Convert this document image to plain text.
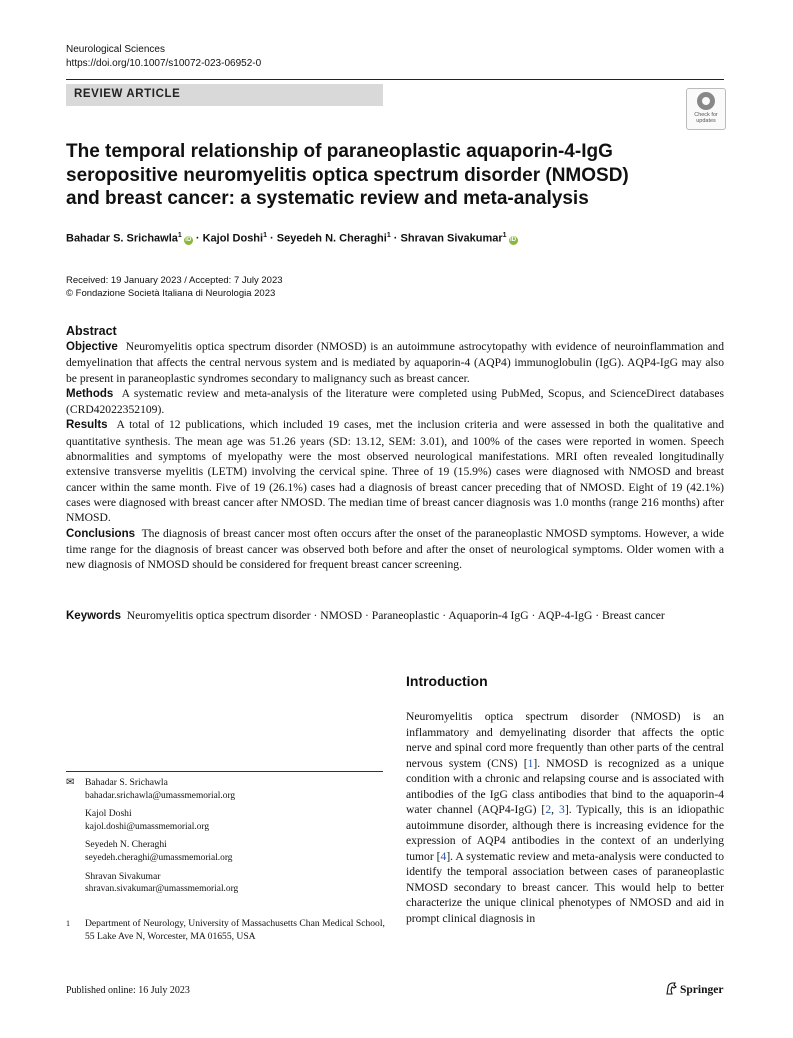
Neurological Sciences
https://doi.org/10.1007/s10072-023-06952-0
REVIEW ARTICLE
Check for updates
The temporal relationship of paraneoplastic aquaporin-4-IgG seropositive neuromyelitis optica spectrum disorder (NMOSD) and breast cancer: a systematic review and meta-analysis
Bahadar S. Srichawla$^1$iD · Kajol Doshi$^1$ · Seyedeh N. Cheraghi$^1$ · Shravan Sivakumar$^1$iD
Received: 19 January 2023 / Accepted: 7 July 2023
© Fondazione Società Italiana di Neurologia 2023
Abstract

Objective Neuromyelitis optica spectrum disorder (NMOSD) is an autoimmune astrocytopathy with evidence of neuroinflammation and demyelination that affects the central nervous system and is mediated by aquaporin-4 (AQP4) immunoglobulin (IgG). AQP4-IgG may also be present in paraneoplastic syndromes secondary to malignancy such as breast cancer.

Methods A systematic review and meta-analysis of the literature were completed using PubMed, Scopus, and ScienceDirect databases (CRD42022352109).

Results A total of 12 publications, which included 19 cases, met the inclusion criteria and were assessed in both the qualitative and quantitative synthesis. The mean age was 51.26 years (SD: 13.12, SEM: 3.01), and 100% of the cases were reported in women. Speech abnormalities and symptoms of myelopathy were the most observed neurological manifestations. MRI often revealed longitudinally extensive transverse myelitis (LETM) involving the cervical spine. Three of 19 (15.9%) cases were diagnosed with NMOSD and breast cancer within the same month. Five of 19 (26.1%) cases had a diagnosis of breast cancer preceding that of NMOSD. Eight of 19 (42.1%) cases were diagnosed with breast cancer after NMOSD. The median time of breast cancer diagnosis was 1.0 months (range 216 months) after NMOSD.

Conclusions The diagnosis of breast cancer most often occurs after the onset of the paraneoplastic NMOSD symptoms. However, a wide time range for the diagnosis of breast cancer was observed both before and after the onset of neurological symptoms. Older women with a new diagnosis of NMOSD should be considered for frequent breast cancer screening.

Keywords Neuromyelitis optica spectrum disorder · NMOSD · Paraneoplastic · Aquaporin-4 IgG · AQP-4-IgG · Breast cancer
Introduction
Neuromyelitis optica spectrum disorder (NMOSD) is an inflammatory and demyelinating disorder that affects the optic nerve and spinal cord more frequently than other parts of the central nervous system (CNS) [1]. NMOSD is recognized as a unique condition with a chronic and relapsing course and is associated with antibodies of the IgG class antibodies that bind to the aquaporin-4 water channel (AQP4-IgG) [2, 3]. Typically, this is an idiopathic autoimmune disorder, although there is increasing evidence for the expression of AQP4 antibodies in the context of an underlying tumor [4]. A systematic review and meta-analysis were conducted to identify the temporal association between cases of paraneoplastic NMOSD secondary to breast cancer. This would help to better characterize the unique clinical phenotypes of NMOSD and aid in prompt clinical diagnosis in
✉ Bahadar S. Srichawla
bahadar.srichawla@umassmemorial.org
Kajol Doshi
kajol.doshi@umassmemorial.org
Seyedeh N. Cheraghi
seyedeh.cheraghi@umassmemorial.org
Shravan Sivakumar
shravan.sivakumar@umassmemorial.org
1 Department of Neurology, University of Massachusetts Chan Medical School, 55 Lake Ave N, Worcester, MA 01655, USA
Published online: 16 July 2023	Springer
